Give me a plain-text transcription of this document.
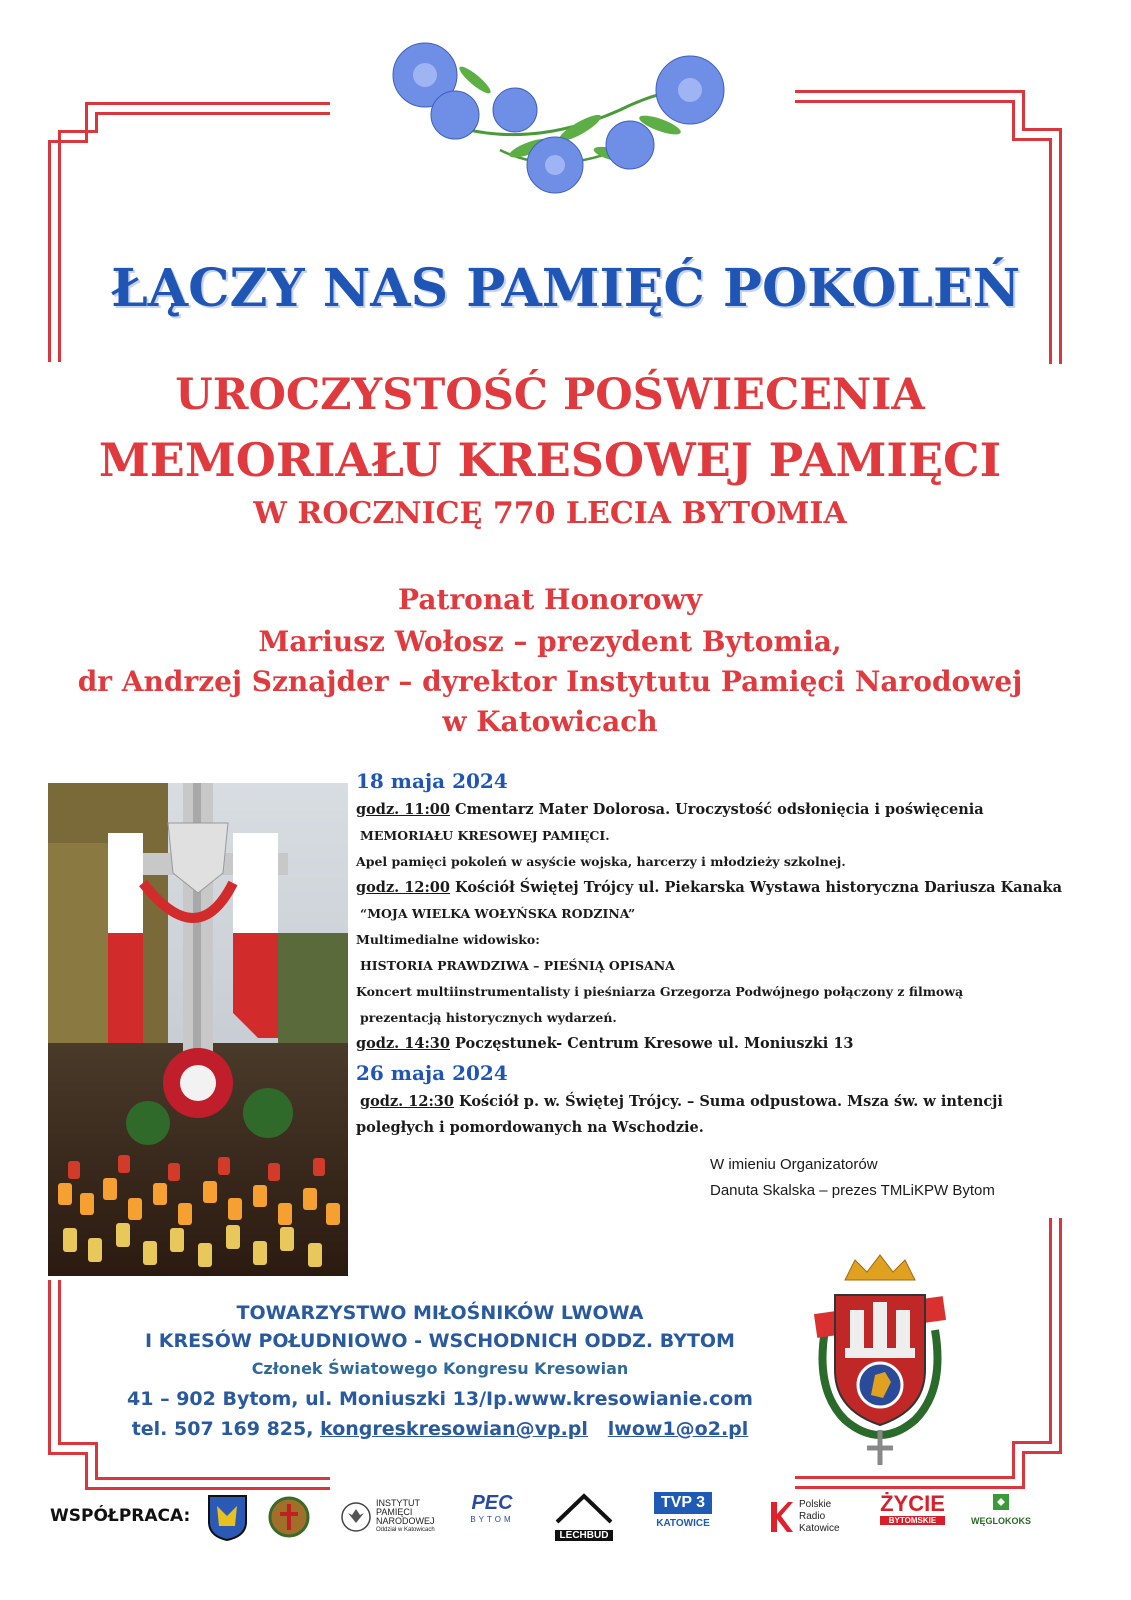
ŁĄCZY NAS PAMIĘĆ POKOLEŃ
UROCZYSTOŚĆ POŚWIECENIA
MEMORIAŁU KRESOWEJ PAMIĘCI
W ROCZNICĘ 770 LECIA BYTOMIA
Patronat Honorowy
Mariusz Wołosz – prezydent Bytomia,
dr Andrzej Sznajder – dyrektor Instytutu Pamięci Narodowej
w Katowicach
18 maja 2024
godz. 11:00 Cmentarz Mater Dolorosa. Uroczystość odsłonięcia i poświęcenia
MEMORIAŁU KRESOWEJ PAMIĘCI.
Apel pamięci pokoleń w asyście wojska, harcerzy i młodzieży szkolnej.
godz. 12:00 Kościół Świętej Trójcy ul. Piekarska Wystawa historyczna Dariusza Kanaka
“MOJA WIELKA WOŁYŃSKA RODZINA”
Multimedialne widowisko:
HISTORIA PRAWDZIWA – PIEŚNIĄ OPISANA
Koncert multiinstrumentalisty i pieśniarza Grzegorza Podwójnego połączony z filmową
prezentacją historycznych wydarzeń.
godz. 14:30 Poczęstunek- Centrum Kresowe ul. Moniuszki 13
26 maja 2024
godz. 12:30 Kościół p. w. Świętej Trójcy. – Suma odpustowa. Msza św. w intencji
poległych i pomordowanych na Wschodzie.
W imieniu Organizatorów
Danuta Skalska – prezes TMLiKPW Bytom
TOWARZYSTWO MIŁOŚNIKÓW LWOWA
I KRESÓW POŁUDNIOWO - WSCHODNICH ODDZ. BYTOM
Członek Światowego Kongresu Kresowian
41 – 902 Bytom, ul. Moniuszki 13/Ip.www.kresowianie.com
tel. 507 169 825, kongreskresowian@vp.pl lwow1@o2.pl
WSPÓŁPRACA:
INSTYTUT
PAMIĘCI
NARODOWEJ
Oddział w Katowicach
PEC
BYTOM
LECHBUD
TVP 3
KATOWICE
Polskie
Radio
Katowice
ŻYCIE
BYTOMSKIE	WĘGLOKOKS
